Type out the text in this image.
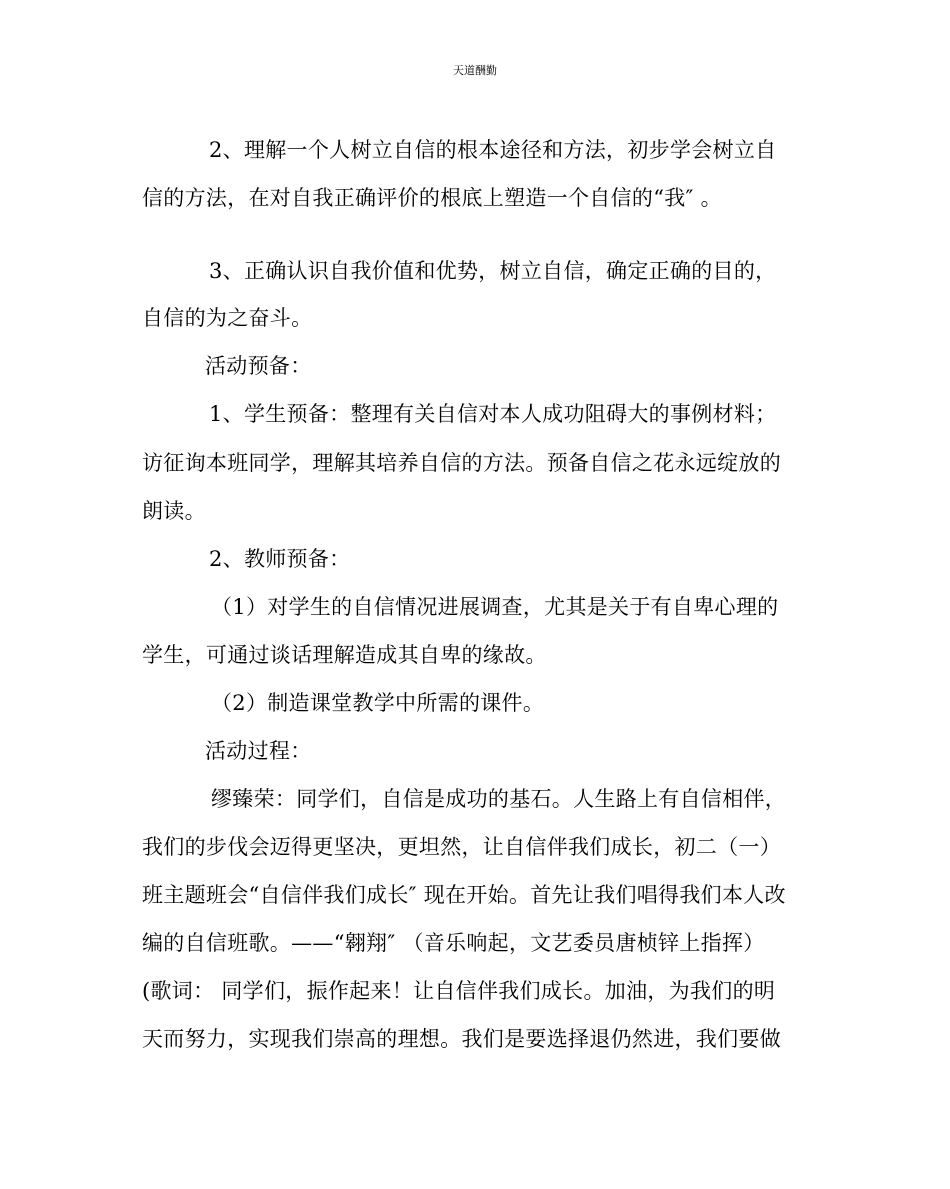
天道酬勤
2、理解一个人树立自信的根本途径和方法，初步学会树立自
信的方法，在对自我正确评价的根底上塑造一个自信的“我″ 。
3、正确认识自我价值和优势，树立自信，确定正确的目的，
自信的为之奋斗。
活动预备：
1、学生预备：整理有关自信对本人成功阻碍大的事例材料；
访征询本班同学，理解其培养自信的方法。预备自信之花永远绽放的
朗读。
2、教师预备：
（1）对学生的自信情况进展调查，尤其是关于有自卑心理的
学生，可通过谈话理解造成其自卑的缘故。
（2）制造课堂教学中所需的课件。
活动过程：
缪臻荣：同学们，自信是成功的基石。人生路上有自信相伴，
我们的步伐会迈得更坚决，更坦然，让自信伴我们成长，初二（一）
班主题班会“自信伴我们成长″ 现在开始。首先让我们唱得我们本人改
编的自信班歌。——“翱翔″ （音乐响起，文艺委员唐桢锌上指挥）
(歌词： 同学们，振作起来！让自信伴我们成长。加油，为我们的明
天而努力，实现我们崇高的理想。我们是要选择退仍然进，我们要做
